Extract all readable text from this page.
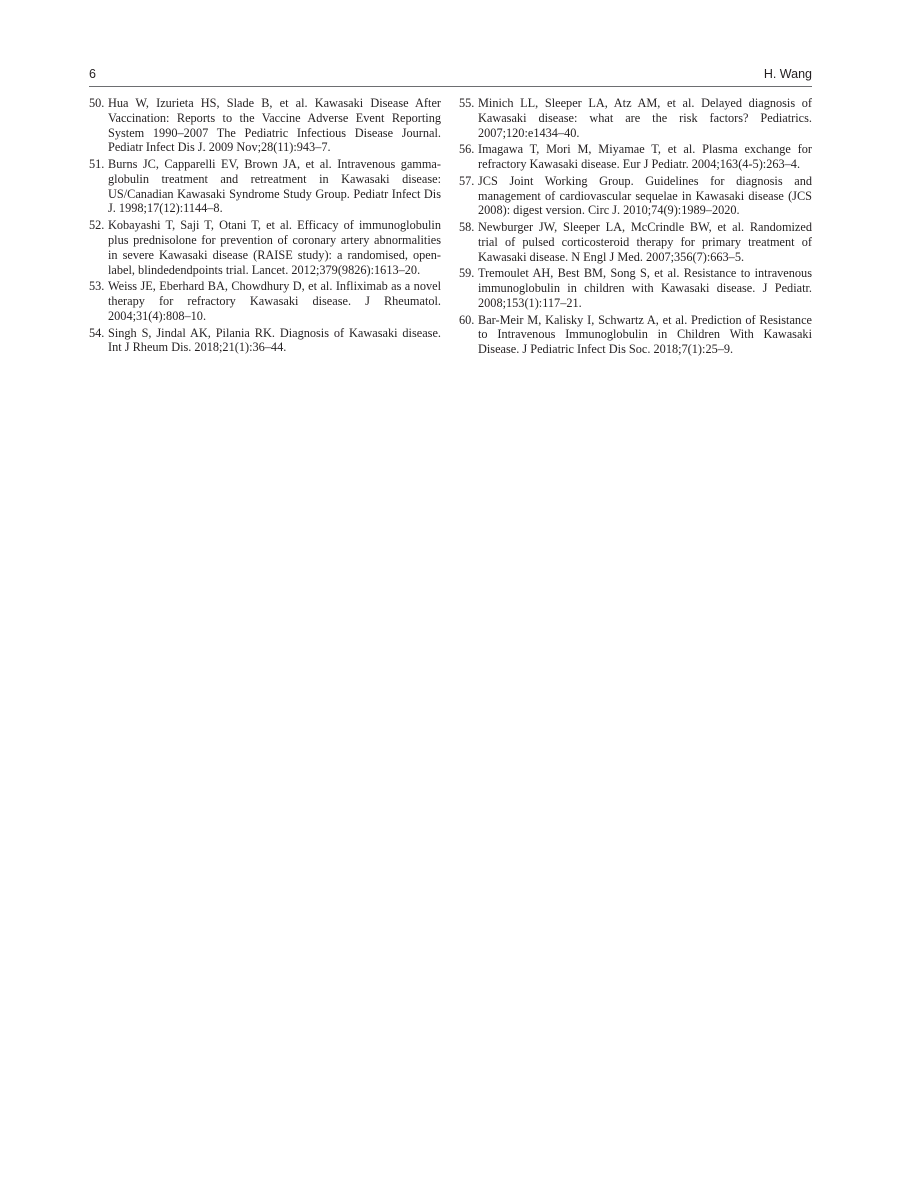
6	H. Wang
50. Hua W, Izurieta HS, Slade B, et al. Kawasaki Disease After Vaccination: Reports to the Vaccine Adverse Event Reporting System 1990–2007 The Pediatric Infectious Disease Journal. Pediatr Infect Dis J. 2009 Nov;28(11):943–7.
51. Burns JC, Capparelli EV, Brown JA, et al. Intravenous gamma-globulin treatment and retreatment in Kawasaki disease: US/Canadian Kawasaki Syndrome Study Group. Pediatr Infect Dis J. 1998;17(12):1144–8.
52. Kobayashi T, Saji T, Otani T, et al. Efficacy of immunoglobulin plus prednisolone for prevention of coronary artery abnormalities in severe Kawasaki disease (RAISE study): a randomised, open-label, blindedendpoints trial. Lancet. 2012;379(9826):1613–20.
53. Weiss JE, Eberhard BA, Chowdhury D, et al. Infliximab as a novel therapy for refractory Kawasaki disease. J Rheumatol. 2004;31(4):808–10.
54. Singh S, Jindal AK, Pilania RK. Diagnosis of Kawasaki disease. Int J Rheum Dis. 2018;21(1):36–44.
55. Minich LL, Sleeper LA, Atz AM, et al. Delayed diagnosis of Kawasaki disease: what are the risk factors? Pediatrics. 2007;120:e1434–40.
56. Imagawa T, Mori M, Miyamae T, et al. Plasma exchange for refractory Kawasaki disease. Eur J Pediatr. 2004;163(4-5):263–4.
57. JCS Joint Working Group. Guidelines for diagnosis and management of cardiovascular sequelae in Kawasaki disease (JCS 2008): digest version. Circ J. 2010;74(9):1989–2020.
58. Newburger JW, Sleeper LA, McCrindle BW, et al. Randomized trial of pulsed corticosteroid therapy for primary treatment of Kawasaki disease. N Engl J Med. 2007;356(7):663–5.
59. Tremoulet AH, Best BM, Song S, et al. Resistance to intravenous immunoglobulin in children with Kawasaki disease. J Pediatr. 2008;153(1):117–21.
60. Bar-Meir M, Kalisky I, Schwartz A, et al. Prediction of Resistance to Intravenous Immunoglobulin in Children With Kawasaki Disease. J Pediatric Infect Dis Soc. 2018;7(1):25–9.
